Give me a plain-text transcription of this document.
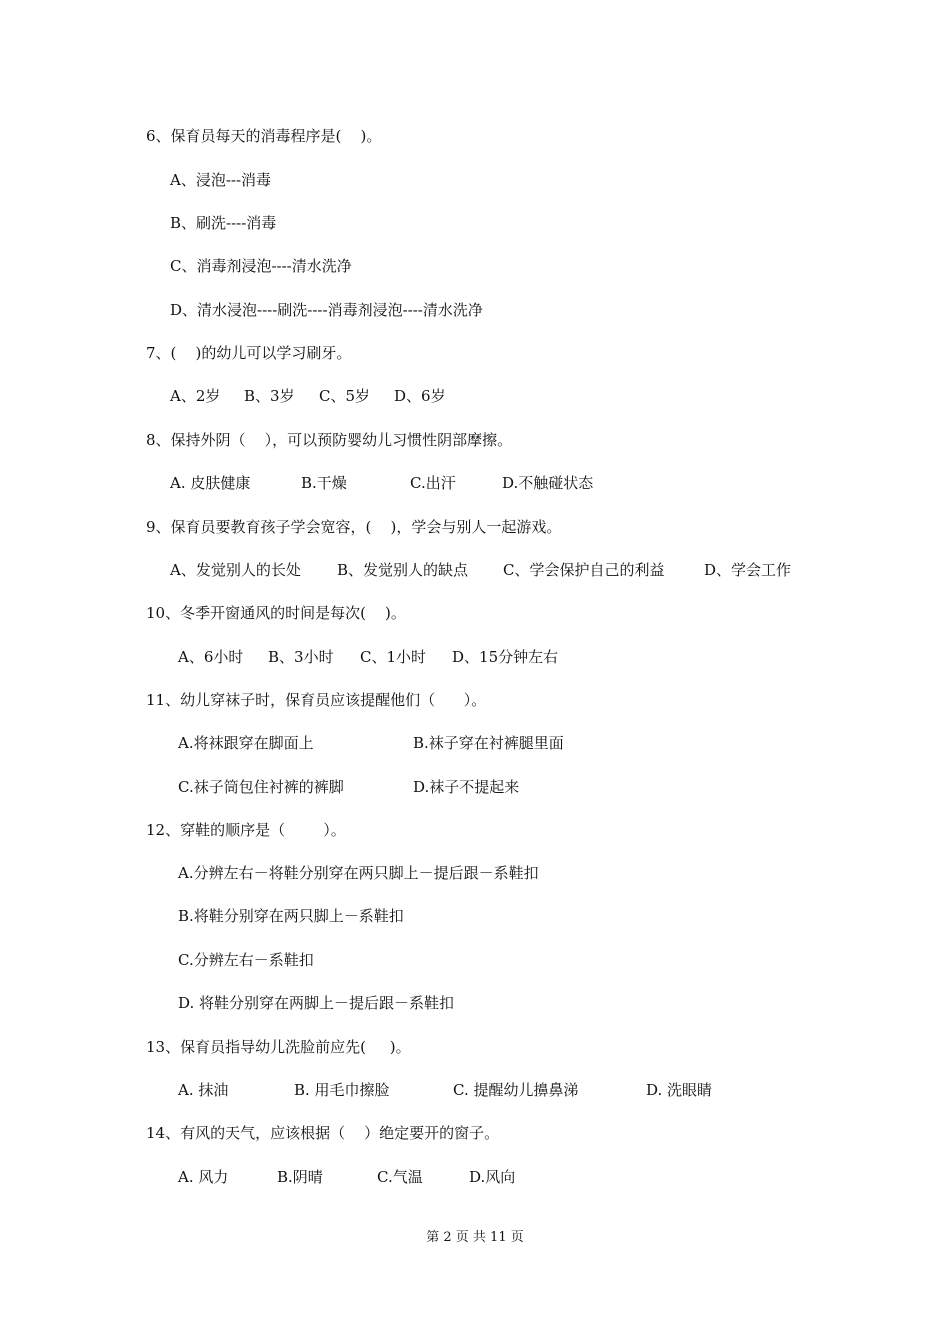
6、保育员每天的消毒程序是(    )。
A、浸泡---消毒
B、刷洗----消毒
C、消毒剂浸泡----清水洗净
D、清水浸泡----刷洗----消毒剂浸泡----清水洗净
7、(    )的幼儿可以学习刷牙。
A、2岁 B、3岁 C、5岁 D、6岁
8、保持外阴（    ），可以预防婴幼儿习惯性阴部摩擦。
A. 皮肤健康	B.干燥	C.出汗	D.不触碰状态
9、保育员要教育孩子学会宽容，(    )，学会与别人一起游戏。
A、发觉别人的长处 B、发觉别人的缺点 C、学会保护自己的利益	D、学会工作
10、冬季开窗通风的时间是每次(    )。
A、6小时 B、3小时 C、1小时 D、15分钟左右
11、幼儿穿袜子时，保育员应该提醒他们（      ）。
A.将袜跟穿在脚面上	B.袜子穿在衬裤腿里面
C.袜子筒包住衬裤的裤脚	D.袜子不提起来
12、穿鞋的顺序是（        ）。
A.分辨左右－将鞋分别穿在两只脚上－提后跟－系鞋扣
B.将鞋分别穿在两只脚上－系鞋扣
C.分辨左右－系鞋扣
D. 将鞋分别穿在两脚上－提后跟－系鞋扣
13、保育员指导幼儿洗脸前应先(     )。
A. 抹油	B. 用毛巾擦脸	C. 提醒幼儿擤鼻涕	D. 洗眼睛
14、有风的天气，应该根据（    ）绝定要开的窗子。
A. 风力	B.阴晴	C.气温	D.风向
第 2 页 共 11 页
